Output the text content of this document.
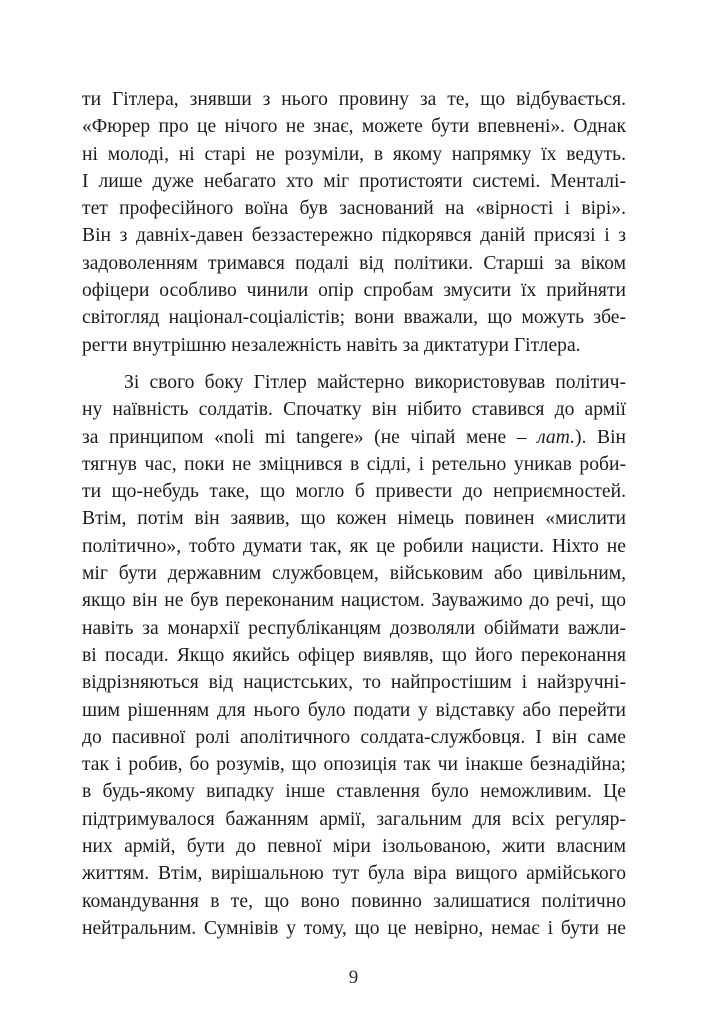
ти Гітлера, знявши з нього провину за те, що відбувається.
«Фюрер про це нічого не знає, можете бути впевнені». Однак
ні молоді, ні старі не розуміли, в якому напрямку їх ведуть.
І лише дуже небагато хто міг протистояти системі. Менталі-
тет професійного воїна був заснований на «вірності і вірі».
Він з давніх-давен беззастережно підкорявся даній присязі і з
задоволенням тримався подалі від політики. Старші за віком
офіцери особливо чинили опір спробам змусити їх прийняти
світогляд націонал-соціалістів; вони вважали, що можуть збе-
регти внутрішню незалежність навіть за диктатури Гітлера.
Зі свого боку Гітлер майстерно використовував політич-
ну наївність солдатів. Спочатку він нібито ставився до армії
за принципом «noli mi tangere» (не чіпай мене – лат.). Він
тягнув час, поки не зміцнився в сідлі, і ретельно уникав роби-
ти що-небудь таке, що могло б привести до неприємностей.
Втім, потім він заявив, що кожен німець повинен «мислити
політично», тобто думати так, як це робили нацисти. Ніхто не
міг бути державним службовцем, військовим або цивільним,
якщо він не був переконаним нацистом. Зауважимо до речі, що
навіть за монархії республіканцям дозволяли обіймати важли-
ві посади. Якщо якийсь офіцер виявляв, що його переконання
відрізняються від нацистських, то найпростішим і найзручні-
шим рішенням для нього було подати у відставку або перейти
до пасивної ролі аполітичного солдата-службовця. І він саме
так і робив, бо розумів, що опозиція так чи інакше безнадійна;
в будь-якому випадку інше ставлення було неможливим. Це
підтримувалося бажанням армії, загальним для всіх регуляр-
них армій, бути до певної міри ізольованою, жити власним
життям. Втім, вирішальною тут була віра вищого армійського
командування в те, що воно повинно залишатися політично
нейтральним. Сумнівів у тому, що це невірно, немає і бути не
9
